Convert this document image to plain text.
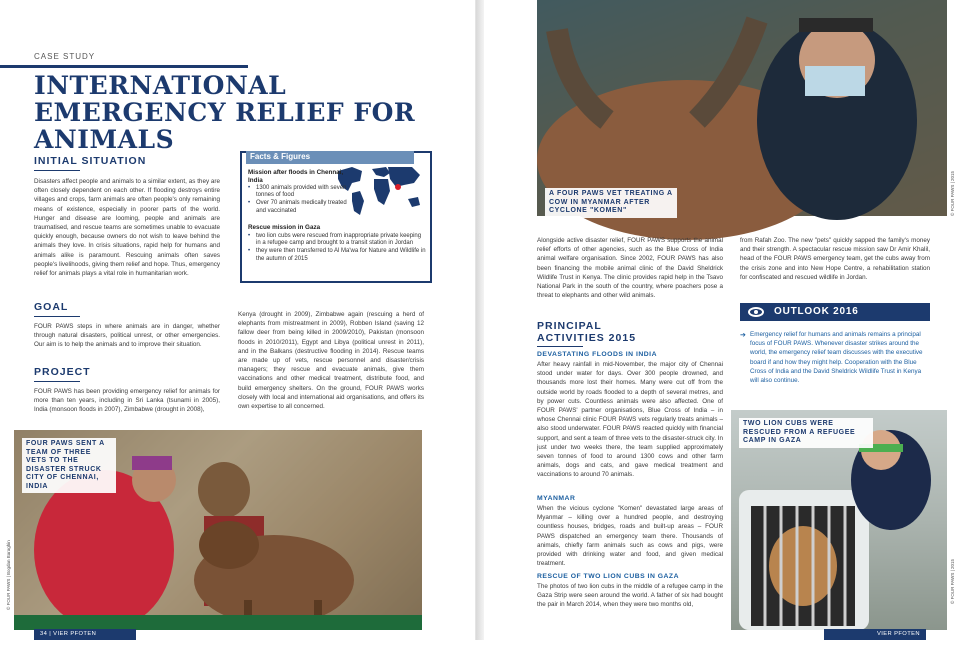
CASE STUDY
INTERNATIONAL EMERGENCY RELIEF FOR ANIMALS
INITIAL SITUATION
Disasters affect people and animals to a similar extent, as they are often closely dependent on each other. If flooding destroys entire villages and crops, farm animals are often people's only remaining means of existence, especially in poorer parts of the world. Hunger and disease are looming, people and animals are traumatised, and rescue teams are sometimes unable to evacuate quickly enough, because owners do not wish to leave behind the animals they love. In crisis situations, rapid help for humans and animals alike is paramount. Rescuing animals often saves people's livelihoods, giving them relief and hope. Thus, emergency relief for animals plays a vital role in humanitarian work.
GOAL
FOUR PAWS steps in where animals are in danger, whether through natural disasters, political unrest, or other emergencies. Our aim is to help the animals and to improve their situation.
PROJECT
FOUR PAWS has been providing emergency relief for animals for more than ten years, including in Sri Lanka (tsunami in 2005), India (monsoon floods in 2007), Zimbabwe (drought in 2008),
Kenya (drought in 2009), Zimbabwe again (rescuing a herd of elephants from mistreatment in 2009), Robben Island (saving 12 fallow deer from being killed in 2009/2010), Pakistan (monsoon floods in 2010/2011), Egypt and Libya (political unrest in 2011), and in the Balkans (destructive flooding in 2014). Rescue teams are made up of vets, rescue personnel and disaster/crisis managers; they rescue and evacuate animals, give them vaccinations and other medical treatment, distribute food, and build emergency shelters. On the ground, FOUR PAWS works closely with local and international aid organisations, and offers its own expertise to all concerned.
Facts & Figures
Mission after floods in Chennai, India
• 1300 animals provided with seven tonnes of food
• Over 70 animals medically treated and vaccinated
Rescue mission in Gaza
• two lion cubs were rescued from inappropriate private keeping in a refugee camp and brought to a transit station in Jordan
• they were then transferred to Al Ma'wa for Nature and Wildlife in the autumn of 2015
FOUR PAWS SENT A TEAM OF THREE VETS TO THE DISASTER STRUCK CITY OF CHENNAI, INDIA
© FOUR PAWS | Bogdan Baraghin
34 | VIER PFOTEN INTERNATIONAL
A FOUR PAWS VET TREATING A COW IN MYANMAR AFTER CYCLONE "KOMEN"	© FOUR PAWS | 2015
Alongside active disaster relief, FOUR PAWS supports the animal relief efforts of other agencies, such as the Blue Cross of India animal welfare organisation. Since 2002, FOUR PAWS has also been financing the mobile animal clinic of the David Sheldrick Wildlife Trust in Kenya. The clinic provides rapid help in the Tsavo National Park in the south of the country, where poachers pose a threat to elephants and other wild animals.
PRINCIPAL ACTIVITIES 2015
DEVASTATING FLOODS IN INDIA
After heavy rainfall in mid-November, the major city of Chennai stood under water for days. Over 300 people drowned, and thousands more lost their homes. Many were cut off from the outside world by roads flooded to a depth of several metres, and by power cuts. Countless animals were also affected. One of FOUR PAWS' partner organisations, Blue Cross of India – in whose Chennai clinic FOUR PAWS vets regularly treats animals – also stood underwater. FOUR PAWS reacted quickly with financial support, and sent a team of three vets to the disaster-struck city. In just under two weeks there, the team supplied approximately seven tonnes of food to around 1300 cows and other farm animals, dogs and cats, and gave medical treatment and vaccinations to around 70 animals.
MYANMAR
When the vicious cyclone "Komen" devastated large areas of Myanmar – killing over a hundred people, and destroying countless houses, bridges, roads and built-up areas – FOUR PAWS dispatched an emergency team there. Thousands of animals, chiefly farm animals such as cows and pigs, were provided with drinking water and food, and given medical treatment.
RESCUE OF TWO LION CUBS IN GAZA
The photos of two lion cubs in the middle of a refugee camp in the Gaza Strip were seen around the world. A father of six had bought the pair in March 2014, when they were two months old,
from Rafah Zoo. The new "pets" quickly sapped the family's money and their strength. A spectacular rescue mission saw Dr Amir Khalil, head of the FOUR PAWS emergency team, get the cubs away from the crisis zone and into New Hope Centre, a rehabilitation station for confiscated and rescued wildlife in Jordan.
OUTLOOK 2016
➔ Emergency relief for humans and animals remains a principal focus of FOUR PAWS. Whenever disaster strikes around the world, the emergency relief team discusses with the executive board if and how they might help. Cooperation with the Blue Cross of India and the David Sheldrick Wildlife Trust in Kenya will also continue.
TWO LION CUBS WERE RESCUED FROM A REFUGEE CAMP IN GAZA
© FOUR PAWS | 2015
VIER PFOTEN INTERNATIONAL | 35
